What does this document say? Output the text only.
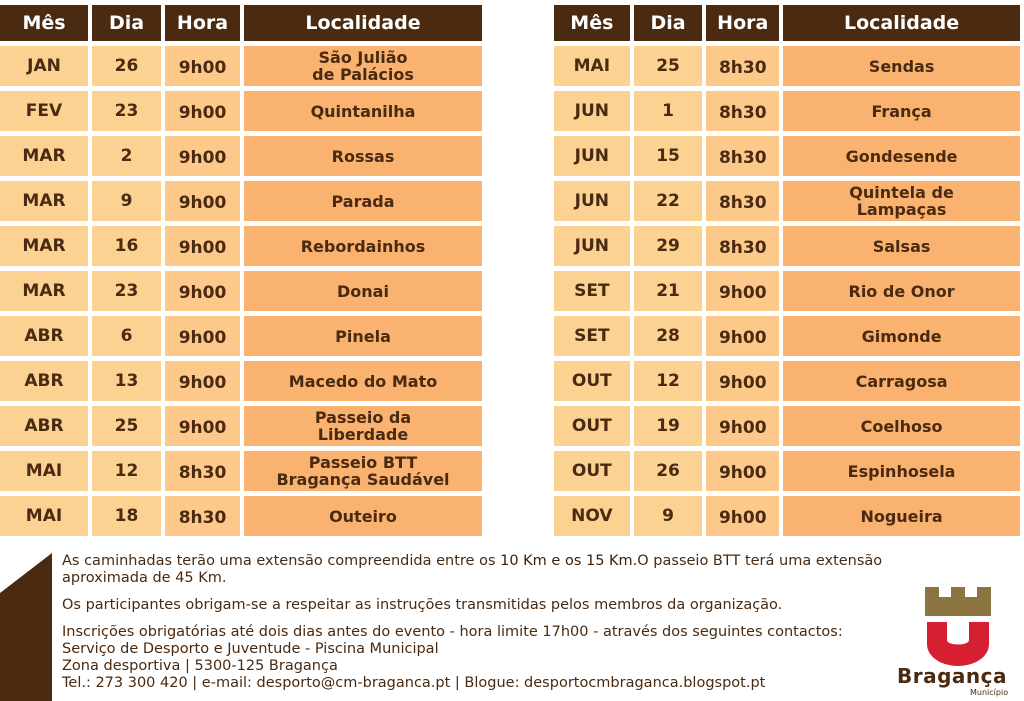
Mês	Dia	Hora	Localidade

JAN	26	9h00	São Julião
de Palácios

FEV	23	9h00	Quintanilha

MAR	2	9h00	Rossas

MAR	9	9h00	Parada

MAR	16	9h00	Rebordainhos

MAR	23	9h00	Donai

ABR	6	9h00	Pinela

ABR	13	9h00	Macedo do Mato

ABR	25	9h00	Passeio da
Liberdade

MAI	12	8h30	Passeio BTT
Bragança Saudável

MAI	18	8h30	Outeiro
Mês	Dia	Hora	Localidade

MAI	25	8h30	Sendas

JUN	1	8h30	França

JUN	15	8h30	Gondesende

JUN	22	8h30	Quintela de
Lampaças

JUN	29	8h30	Salsas

SET	21	9h00	Rio de Onor

SET	28	9h00	Gimonde

OUT	12	9h00	Carragosa

OUT	19	9h00	Coelhoso

OUT	26	9h00	Espinhosela

NOV	9	9h00	Nogueira

As caminhadas terão uma extensão compreendida entre os 10 Km e os 15 Km.O passeio BTT terá uma extensão aproximada de 45 Km.

Os participantes obrigam-se a respeitar as instruções transmitidas pelos membros da organização.

Inscrições obrigatórias até dois dias antes do evento - hora limite 17h00 - através dos seguintes contactos:

Serviço de Desporto e Juventude - Piscina Municipal

Zona desportiva | 5300-125 Bragança

Tel.: 273 300 420 | e-mail: desporto@cm-braganca.pt | Blogue: desportocmbraganca.blogspot.pt	Bragança
Município
